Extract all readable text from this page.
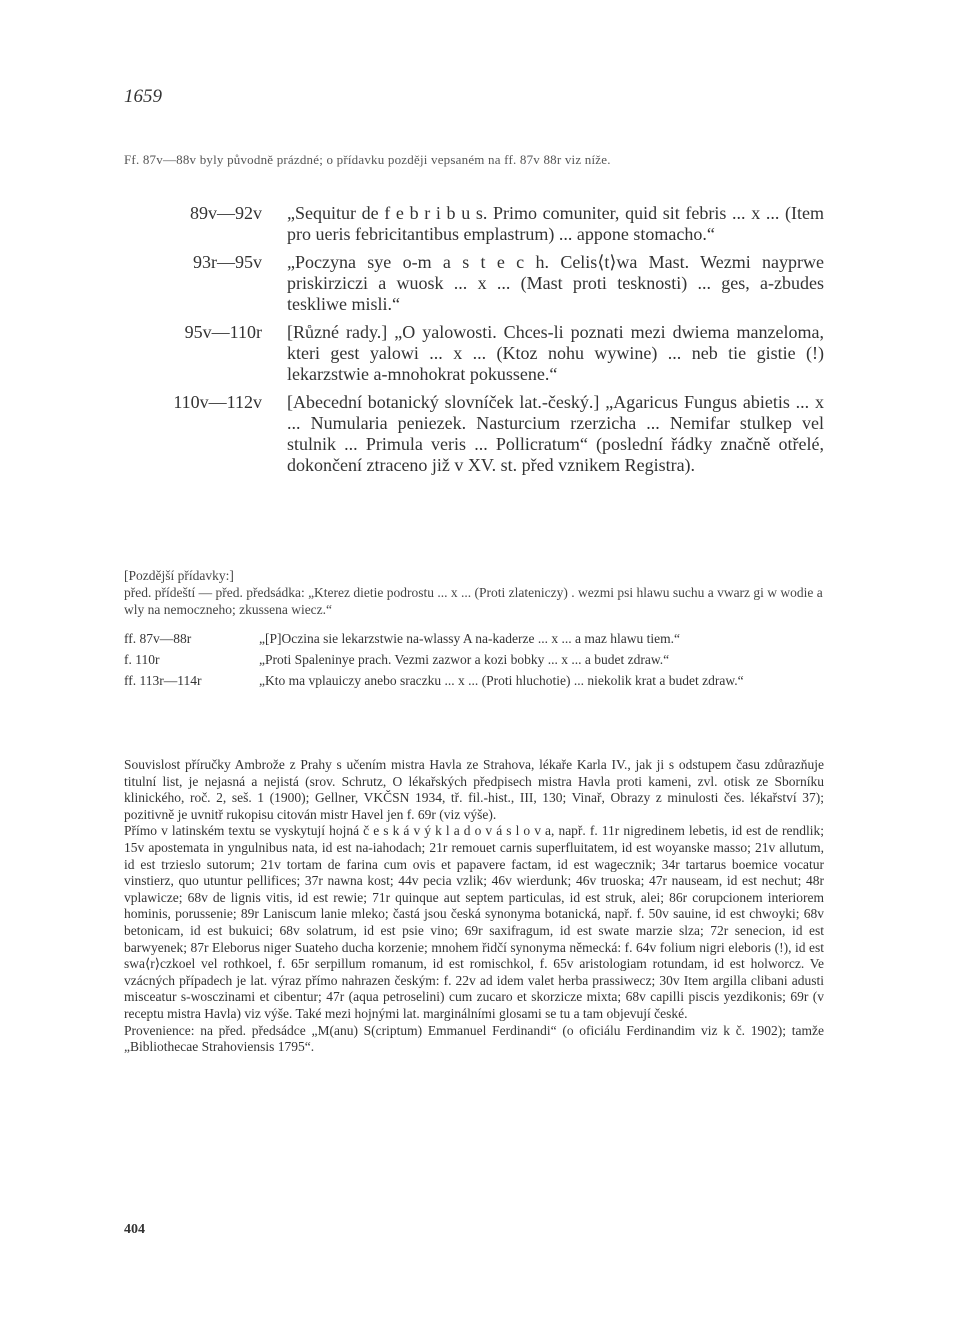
1659
Ff. 87v—88v byly původně prázdné; o přídavku později vepsaném na ff. 87v 88r viz níže.
89v—92v	„Sequitur de f e b r i b u s. Primo comuniter, quid sit febris ... x ... (Item pro ueris febricitantibus emplastrum) ... appone stomacho.“
93r—95v	„Poczyna sye o-m a s t e c h. Celis⟨t⟩wa Mast. Wezmi nayprwe priskirziczi a wuosk ... x ... (Mast proti tesknosti) ... ges, a-zbudes teskliwe misli.“
95v—110r	[Různé rady.] „O yalowosti. Chces-li poznati mezi dwiema manzeloma, kteri gest yalowi ... x ... (Ktoz nohu wywine) ... neb tie gistie (!) lekarzstwie a-mnohokrat pokussene.“
110v—112v	[Abecední botanický slovníček lat.-český.] „Agaricus Fungus abietis ... x ... Numularia peniezek. Nasturcium rzerzicha ... Nemifar stulkep vel stulnik ... Primula veris ... Pollicratum“ (poslední řádky značně otřelé, dokončení ztraceno již v XV. st. před vznikem Registra).

[Pozdější přídavky:]

před. přídeští — před. předsádka: „Kterez dietie podrostu ... x ... (Proti zlateniczy) . wezmi psi hlawu suchu a vwarz gi w wodie a wly na nemoczneho; zkussena wiecz.“

ff. 87v—88r	„[P]Oczina sie lekarzstwie na-wlassy A na-kaderze ... x ... a maz hlawu tiem.“
f. 110r	„Proti Spaleninye prach. Vezmi zazwor a kozi bobky ... x ... a budet zdraw.“
ff. 113r—114r	„Kto ma vplauiczy anebo sraczku ... x ... (Proti hluchotie) ... niekolik krat a budet zdraw.“

Souvislost příručky Ambrože z Prahy s učením mistra Havla ze Strahova, lékaře Karla IV., jak ji s odstupem času zdůrazňuje titulní list, je nejasná a nejistá (srov. Schrutz, O lékařských předpisech mistra Havla proti kameni, zvl. otisk ze Sborníku klinického, roč. 2, seš. 1 (1900); Gellner, VKČSN 1934, tř. fil.-hist., III, 130; Vinař, Obrazy z minulosti čes. lékařství 37); pozitivně je uvnitř rukopisu citován mistr Havel jen f. 69r (viz výše).

Přímo v latinském textu se vyskytují hojná č e s k á v ý k l a d o v á s l o v a, např. f. 11r nigredinem lebetis, id est de rendlik; 15v apostemata in yngulnibus nata, id est na-iahodach; 21r remouet carnis superfluitatem, id est woyanske masso; 21v allutum, id est trzieslo sutorum; 21v tortam de farina cum ovis et papavere factam, id est wagecznik; 34r tartarus boemice vocatur vinstierz, quo utuntur pellifices; 37r nawna kost; 44v pecia vzlik; 46v wierdunk; 46v truoska; 47r nauseam, id est nechut; 48r vplawicze; 68v de lignis vitis, id est rewie; 71r quinque aut septem particulas, id est struk, alei; 86r corupcionem interiorem hominis, porussenie; 89r Laniscum lanie mleko; častá jsou česká synonyma botanická, např. f. 50v sauine, id est chwoyki; 68v betonicam, id est bukuici; 68v solatrum, id est psie vino; 69r saxifragum, id est swate marzie slza; 72r senecion, id est barwyenek; 87r Eleborus niger Suateho ducha korzenie; mnohem řidčí synonyma německá: f. 64v folium nigri eleboris (!), id est swa⟨r⟩czkoel vel rothkoel, f. 65r serpillum romanum, id est romischkol, f. 65v aristologiam rotundam, id est holworcz. Ve vzácných případech je lat. výraz přímo nahrazen českým: f. 22v ad idem valet herba prassiwecz; 30v Item argilla clibani adusti misceatur s-wosczinami et cibentur; 47r (aqua petroselini) cum zucaro et skorzicze mixta; 68v capilli piscis yezdikonis; 69r (v receptu mistra Havla) viz výše. Také mezi hojnými lat. marginálními glosami se tu a tam objevují české.

Provenience: na před. předsádce „M(anu) S(criptum) Emmanuel Ferdinandi“ (o oficiálu Ferdinandim viz k č. 1902); tamže „Bibliothecae Strahoviensis 1795“.

404
